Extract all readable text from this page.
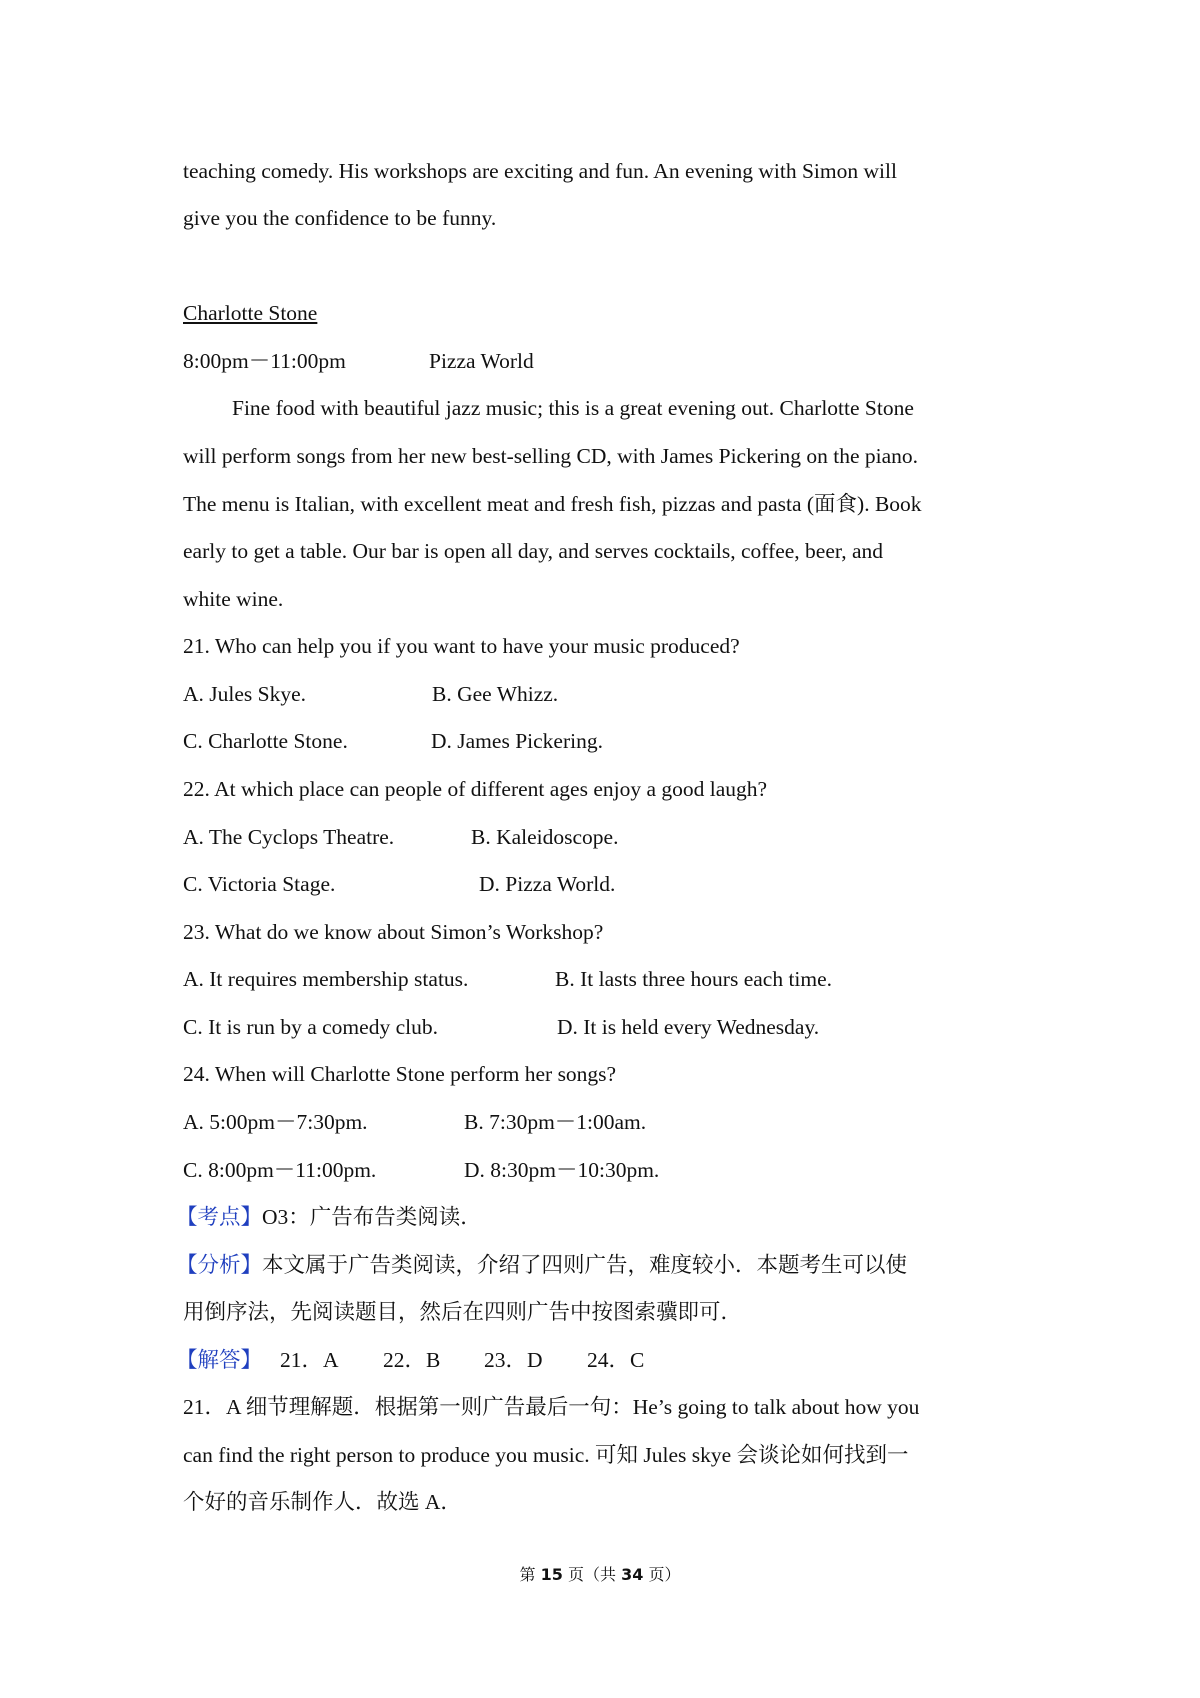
teaching comedy. His workshops are exciting and fun. An evening with Simon will
give you the confidence to be funny.
Charlotte Stone
8:00pm－11:00pm	Pizza World
Fine food with beautiful jazz music; this is a great evening out. Charlotte Stone
will perform songs from her new best-selling CD, with James Pickering on the piano.
The menu is Italian, with excellent meat and fresh fish, pizzas and pasta (面食). Book
early to get a table. Our bar is open all day, and serves cocktails, coffee, beer, and
white wine.
21. Who can help you if you want to have your music produced?
A. Jules Skye.	B. Gee Whizz.
C. Charlotte Stone.	D. James Pickering.
22. At which place can people of different ages enjoy a good laugh?
A. The Cyclops Theatre.	B. Kaleidoscope.
C. Victoria Stage.	D. Pizza World.
23. What do we know about Simon’s Workshop?
A. It requires membership status.	B. It lasts three hours each time.
C. It is run by a comedy club.	D. It is held every Wednesday.
24. When will Charlotte Stone perform her songs?
A. 5:00pm－7:30pm.	B. 7:30pm－1:00am.
C. 8:00pm－11:00pm.	D. 8:30pm－10:30pm.
【考点】O3：广告布告类阅读．
【分析】本文属于广告类阅读，介绍了四则广告，难度较小．本题考生可以使
用倒序法，先阅读题目，然后在四则广告中按图索骥即可．
【解答】 21．A 22．B 23．D 24．C
21．A 细节理解题．根据第一则广告最后一句：He’s going to talk about how you
can find the right person to produce you music. 可知 Jules skye 会谈论如何找到一
个好的音乐制作人．故选 A．
第 15 页（共 34 页）
